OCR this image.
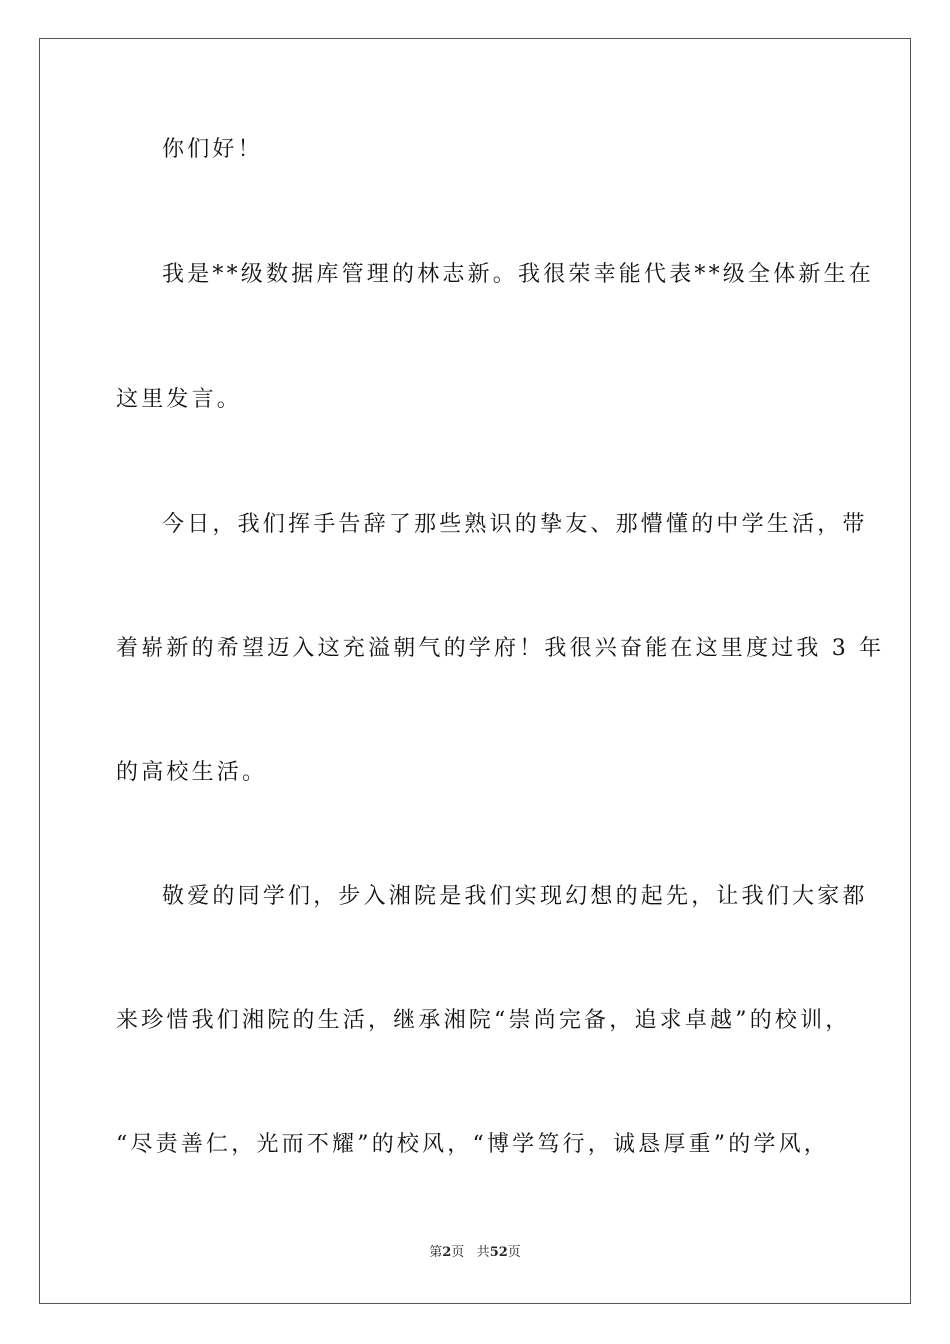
你们好！
我是**级数据库管理的林志新。我很荣幸能代表**级全体新生在
这里发言。
今日，我们挥手告辞了那些熟识的挚友、那懵懂的中学生活，带
着崭新的希望迈入这充溢朝气的学府！我很兴奋能在这里度过我 3 年
的高校生活。
敬爱的同学们，步入湘院是我们实现幻想的起先，让我们大家都
来珍惜我们湘院的生活，继承湘院“崇尚完备，追求卓越”的校训，
“尽责善仁，光而不耀”的校风，“博学笃行，诚恳厚重”的学风，
第2页 共52页
